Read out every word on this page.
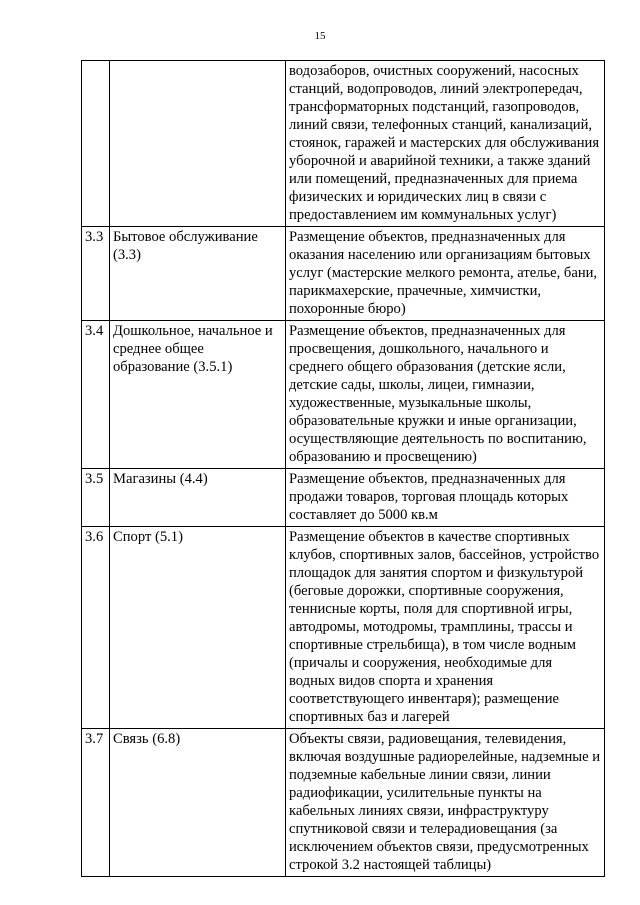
15
		водозаборов, очистных сооружений, насосных станций, водопроводов, линий электропередач, трансформаторных подстанций, газопроводов, линий связи, телефонных станций, канализаций, стоянок, гаражей и мастерских для обслуживания уборочной и аварийной техники, а также зданий или помещений, предназначенных для приема физических и юридических лиц в связи с предоставлением им коммунальных услуг)
3.3	Бытовое обслуживание (3.3)	Размещение объектов, предназначенных для оказания населению или организациям бытовых услуг (мастерские мелкого ремонта, ателье, бани, парикмахерские, прачечные, химчистки, похоронные бюро)
3.4	Дошкольное, начальное и среднее общее образование (3.5.1)	Размещение объектов, предназначенных для просвещения, дошкольного, начального и среднего общего образования (детские ясли, детские сады, школы, лицеи, гимназии, художественные, музыкальные школы, образовательные кружки и иные организации, осуществляющие деятельность по воспитанию, образованию и просвещению)
3.5	Магазины (4.4)	Размещение объектов, предназначенных для продажи товаров, торговая площадь которых составляет до 5000 кв.м
3.6	Спорт (5.1)	Размещение объектов в качестве спортивных клубов, спортивных залов, бассейнов, устройство площадок для занятия спортом и физкультурой (беговые дорожки, спортивные сооружения, теннисные корты, поля для спортивной игры, автодромы, мотодромы, трамплины, трассы и спортивные стрельбища), в том числе водным (причалы и сооружения, необходимые для водных видов спорта и хранения соответствующего инвентаря); размещение спортивных баз и лагерей
3.7	Связь (6.8)	Объекты связи, радиовещания, телевидения, включая воздушные радиорелейные, надземные и подземные кабельные линии связи, линии радиофикации, усилительные пункты на кабельных линиях связи, инфраструктуру спутниковой связи и телерадиовещания (за исключением объектов связи, предусмотренных строкой 3.2 настоящей таблицы)
